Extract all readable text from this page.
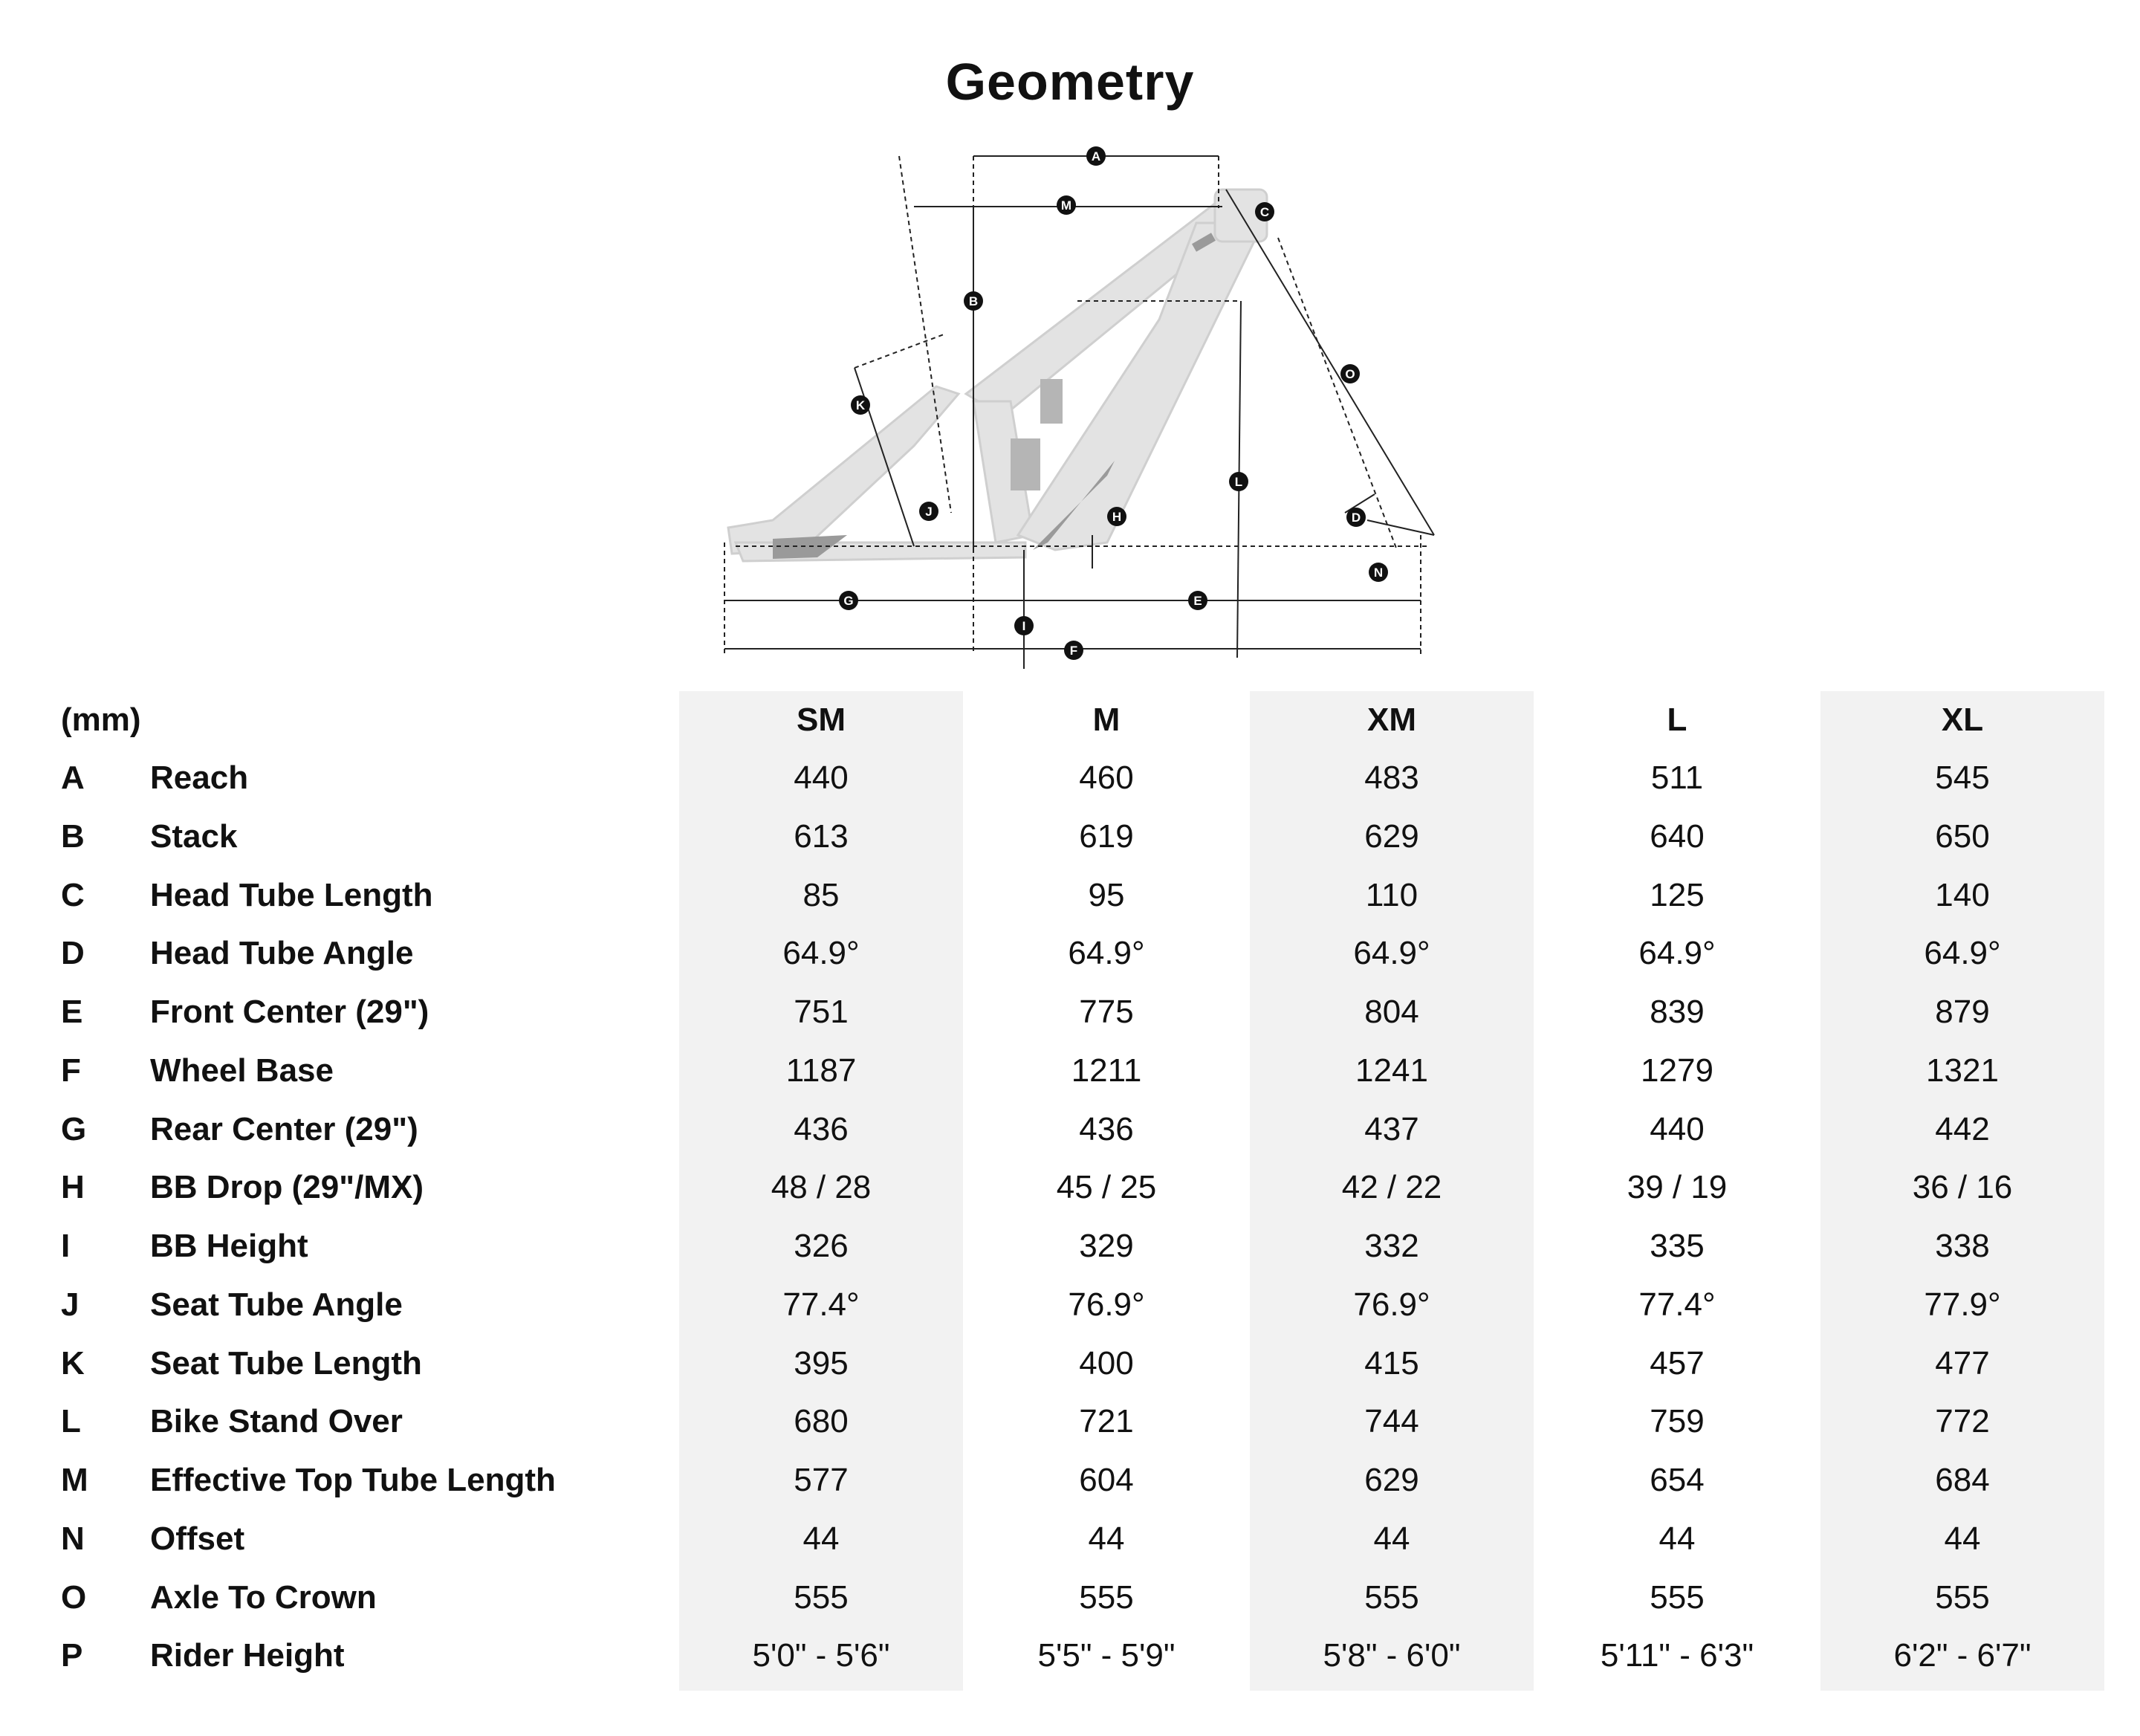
Geometry
A
B
C
D
E
F
G
H
I
J
K
L
M
N
O
(mm)	SM	M	XM	L	XL
A Reach	440	460	483	511	545
B Stack	613	619	629	640	650
C Head Tube Length	85	95	110	125	140
D Head Tube Angle	64.9°	64.9°	64.9°	64.9°	64.9°
E Front Center (29")	751	775	804	839	879
F Wheel Base	1187	1211	1241	1279	1321
G Rear Center (29")	436	436	437	440	442
H BB Drop (29"/MX)	48 / 28	45 / 25	42 / 22	39 / 19	36 / 16
I BB Height	326	329	332	335	338
J Seat Tube Angle	77.4°	76.9°	76.9°	77.4°	77.9°
K Seat Tube Length	395	400	415	457	477
L Bike Stand Over	680	721	744	759	772
M Effective Top Tube Length	577	604	629	654	684
N Offset	44	44	44	44	44
O Axle To Crown	555	555	555	555	555
P Rider Height	5'0" - 5'6"	5'5" - 5'9"	5'8" - 6'0"	5'11" - 6'3"	6'2" - 6'7"
